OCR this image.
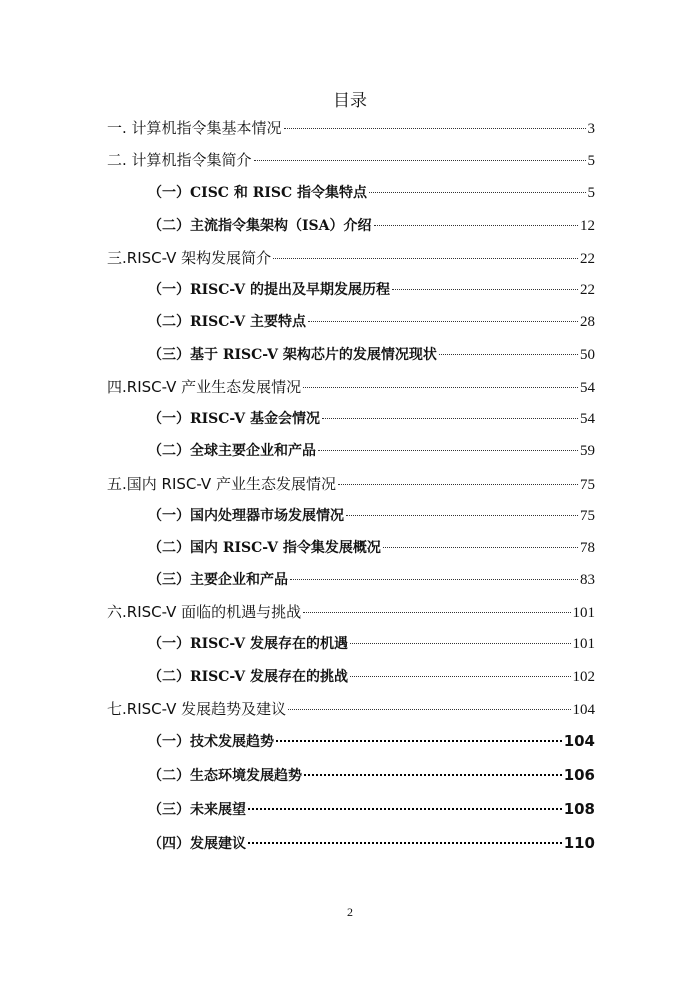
目录
一. 计算机指令集基本情况	3
二. 计算机指令集简介	5
（一）CISC 和 RISC 指令集特点	5
（二）主流指令集架构（ISA）介绍	12
三.RISC-V 架构发展简介	22
（一）RISC-V 的提出及早期发展历程	22
（二）RISC-V 主要特点	28
（三）基于 RISC-V 架构芯片的发展情况现状	50
四.RISC-V 产业生态发展情况	54
（一）RISC-V 基金会情况	54
（二）全球主要企业和产品	59
五.国内 RISC-V 产业生态发展情况	75
（一）国内处理器市场发展情况	75
（二）国内 RISC-V 指令集发展概况	78
（三）主要企业和产品	83
六.RISC-V 面临的机遇与挑战	101
（一）RISC-V 发展存在的机遇	101
（二）RISC-V 发展存在的挑战	102
七.RISC-V 发展趋势及建议	104
（一）技术发展趋势	104
（二）生态环境发展趋势	106
（三）未来展望	108
（四）发展建议	110
2
